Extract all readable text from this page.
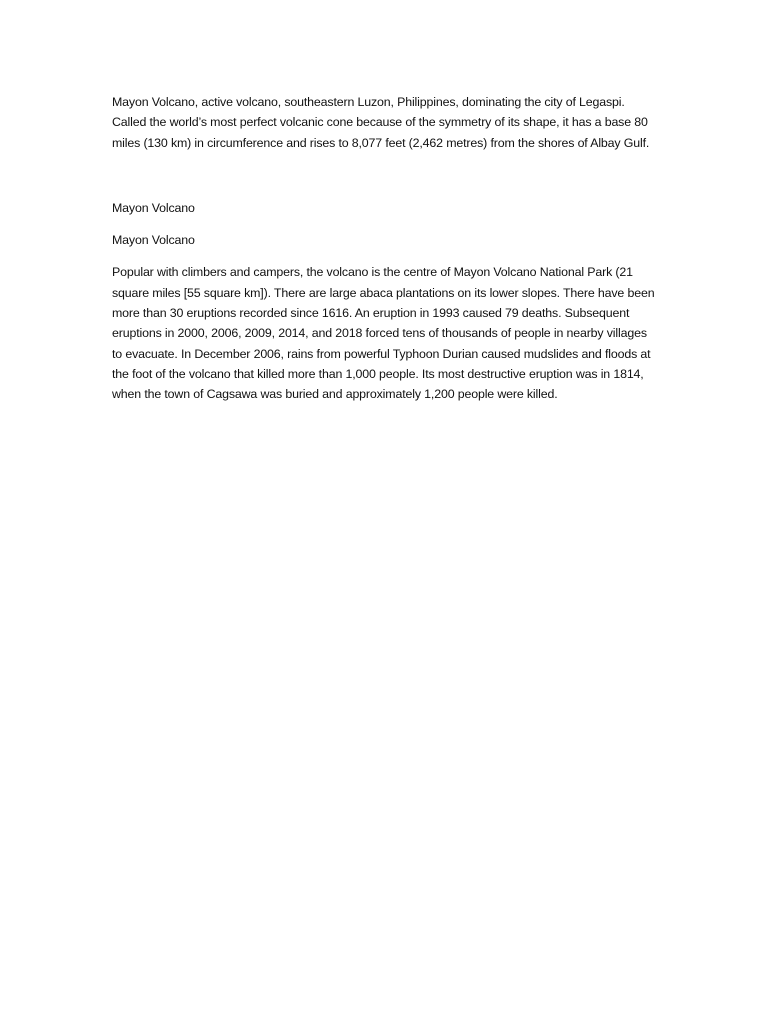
Mayon Volcano, active volcano, southeastern Luzon, Philippines, dominating the city of Legaspi. Called the world’s most perfect volcanic cone because of the symmetry of its shape, it has a base 80 miles (130 km) in circumference and rises to 8,077 feet (2,462 metres) from the shores of Albay Gulf.

Mayon Volcano

Mayon Volcano

Popular with climbers and campers, the volcano is the centre of Mayon Volcano National Park (21 square miles [55 square km]). There are large abaca plantations on its lower slopes. There have been more than 30 eruptions recorded since 1616. An eruption in 1993 caused 79 deaths. Subsequent eruptions in 2000, 2006, 2009, 2014, and 2018 forced tens of thousands of people in nearby villages to evacuate. In December 2006, rains from powerful Typhoon Durian caused mudslides and floods at the foot of the volcano that killed more than 1,000 people. Its most destructive eruption was in 1814, when the town of Cagsawa was buried and approximately 1,200 people were killed.
